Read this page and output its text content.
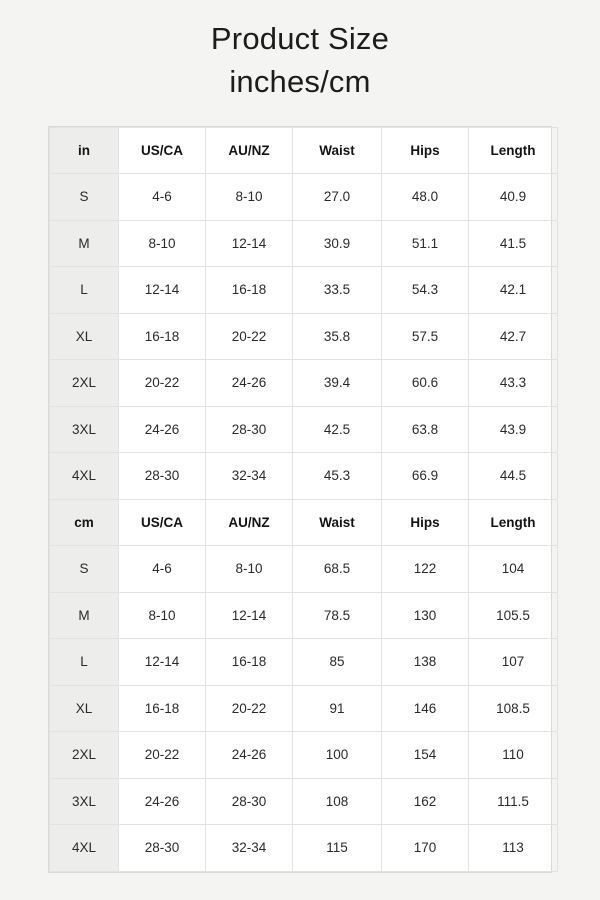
Product Size
inches/cm
in	US/CA	AU/NZ	Waist	Hips	Length
S	4-6	8-10	27.0	48.0	40.9
M	8-10	12-14	30.9	51.1	41.5
L	12-14	16-18	33.5	54.3	42.1
XL	16-18	20-22	35.8	57.5	42.7
2XL	20-22	24-26	39.4	60.6	43.3
3XL	24-26	28-30	42.5	63.8	43.9
4XL	28-30	32-34	45.3	66.9	44.5
cm	US/CA	AU/NZ	Waist	Hips	Length
S	4-6	8-10	68.5	122	104
M	8-10	12-14	78.5	130	105.5
L	12-14	16-18	85	138	107
XL	16-18	20-22	91	146	108.5
2XL	20-22	24-26	100	154	110
3XL	24-26	28-30	108	162	111.5
4XL	28-30	32-34	115	170	113
